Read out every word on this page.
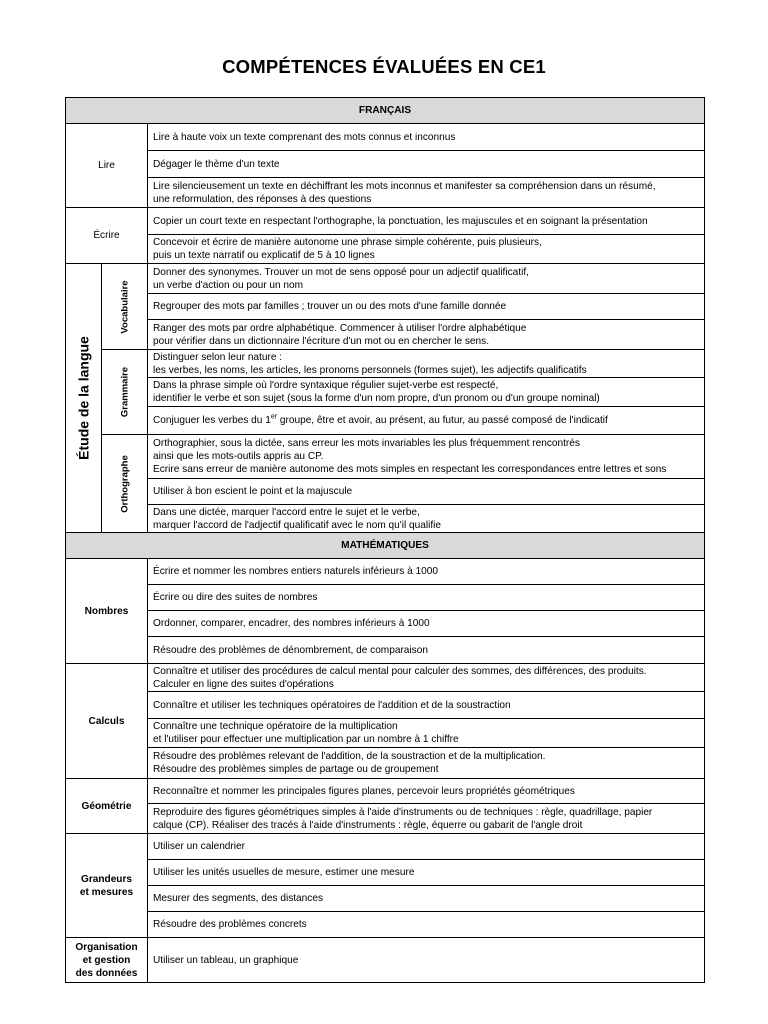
COMPÉTENCES ÉVALUÉES EN CE1
FRANÇAIS		
Lire		Lire à haute voix un texte comprenant des mots connus et inconnus

		Dégager le thème d'un texte

		Lire silencieusement un texte en déchiffrant les mots inconnus et manifester sa compréhension dans un résumé,
une reformulation, des réponses à des questions

Écrire		Copier un court texte en respectant l'orthographe, la ponctuation, les majuscules et en soignant la présentation

		Concevoir et écrire de manière autonome une phrase simple cohérente, puis plusieurs,
puis un texte narratif ou explicatif de 5 à 10 lignes

Étude de la langue	Vocabulaire	Donner des synonymes. Trouver un mot de sens opposé pour un adjectif qualificatif,
un verbe d'action ou pour un nom

		Regrouper des mots par familles ; trouver un ou des mots d'une famille donnée

		Ranger des mots par ordre alphabétique. Commencer à utiliser l'ordre alphabétique
pour vérifier dans un dictionnaire l'écriture d'un mot ou en chercher le sens.

	Grammaire	Distinguer selon leur nature :
les verbes, les noms, les articles, les pronoms personnels (formes sujet), les adjectifs qualificatifs

		Dans la phrase simple où l'ordre syntaxique régulier sujet-verbe est respecté,
identifier le verbe et son sujet (sous la forme d'un nom propre, d'un pronom ou d'un groupe nominal)

		Conjuguer les verbes du 1er groupe, être et avoir, au présent, au futur, au passé composé de l'indicatif

	Orthographe	Orthographier, sous la dictée, sans erreur les mots invariables les plus fréquemment rencontrés
ainsi que les mots-outils appris au CP.
Ecrire sans erreur de manière autonome des mots simples en respectant les correspondances entre lettres et sons

		Utiliser à bon escient le point et la majuscule

		Dans une dictée, marquer l'accord entre le sujet et le verbe,
marquer l'accord de l'adjectif qualificatif avec le nom qu'il qualifie

MATHÉMATIQUES		
Nombres		Écrire et nommer les nombres entiers naturels inférieurs à 1000

		Écrire ou dire des suites de nombres

		Ordonner, comparer, encadrer, des nombres inférieurs à 1000

		Résoudre des problèmes de dénombrement, de comparaison

Calculs		Connaître et utiliser des procédures de calcul mental pour calculer des sommes, des différences, des produits.
Calculer en ligne des suites d'opérations

		Connaître et utiliser les techniques opératoires de l'addition et de la soustraction

		Connaître une technique opératoire de la multiplication
et l'utiliser pour effectuer une multiplication par un nombre à 1 chiffre

		Résoudre des problèmes relevant de l'addition, de la soustraction et de la multiplication.
Résoudre des problèmes simples de partage ou de groupement

Géométrie		Reconnaître et nommer les principales figures planes, percevoir leurs propriétés géométriques

		Reproduire des figures géométriques simples à l'aide d'instruments ou de techniques : règle, quadrillage, papier
calque (CP). Réaliser des tracés à l'aide d'instruments : règle, équerre ou gabarit de l'angle droit

Grandeurs
et mesures		Utiliser un calendrier

		Utiliser les unités usuelles de mesure, estimer une mesure

		Mesurer des segments, des distances

		Résoudre des problèmes concrets

Organisation
et gestion
des données		Utiliser un tableau, un graphique
